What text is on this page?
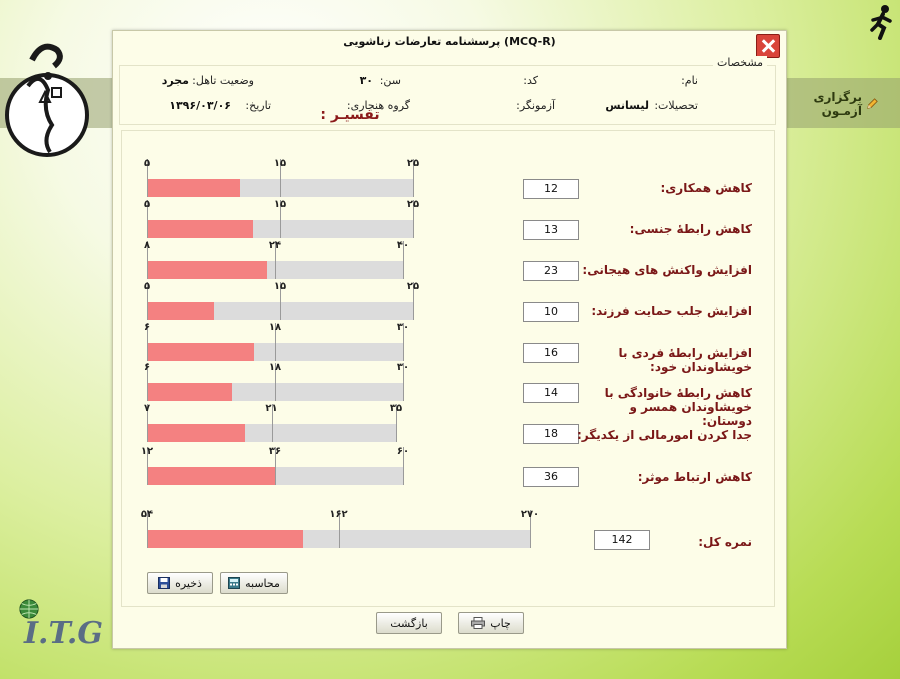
برگزاری آزمـون
I.T.G
پرسشنامه تعارضات زناشویی (MCQ-R)
مشخصات
نام:
کد:
سن:
۳۰
وضعیت تاهل:
مجرد
تحصیلات:
لیسانس
آزمونگر:
گروه هنجاری:
تاریخ:
۱۳۹۶/۰۳/۰۶
تفسیـر :
۵	۱۵	۲۵
12	کاهش همکاری:
۵	۱۵	۲۵
13	کاهش رابطۀ جنسی:
۸	۲۴	۴۰
23	افزایش واکنش های هیجانی:
۵	۱۵	۲۵
10	افزایش جلب حمایت فرزند:
۶	۱۸	۳۰
16	افزایش رابطۀ فردی با خویشاوندان خود:
۶	۱۸	۳۰
14	کاهش رابطۀ خانوادگی با خویشاوندان همسر و دوستان:
۷	۲۱	۳۵
18	جدا کردن امورمالی از یکدیگر:
۱۲	۳۶	۶۰
36	کاهش ارتباط موثر:
۵۴	۱۶۲	۲۷۰
142	نمره کل:
ذخیره	محاسبه
چاپ
بازگشت
